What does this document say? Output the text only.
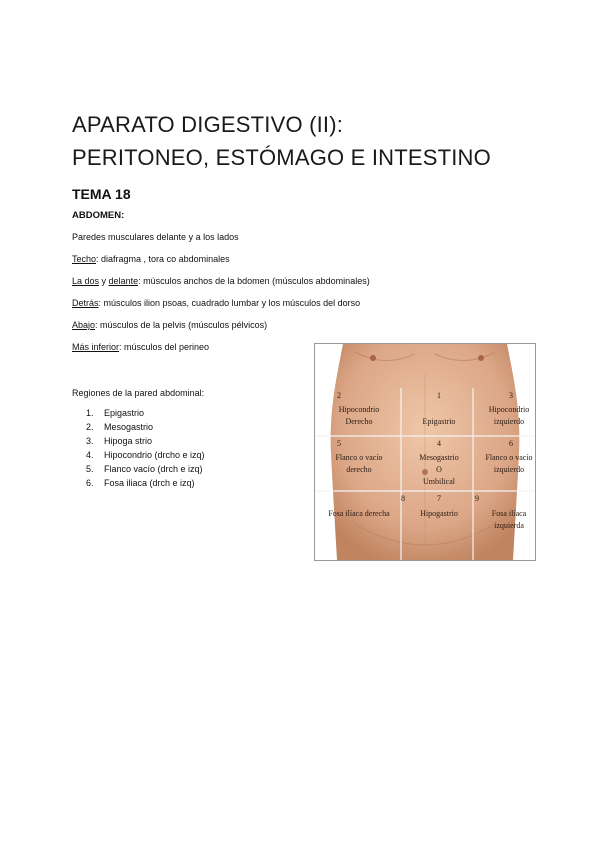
APARATO DIGESTIVO (II):
PERITONEO, ESTÓMAGO E INTESTINO
TEMA 18
ABDOMEN:
Paredes musculares delante y a los lados
Techo: diafragma , tora co abdominales
La dos y delante: músculos anchos de la bdomen (músculos abdominales)
Detrás: músculos ilion psoas, cuadrado lumbar y los músculos del dorso
Abajo: músculos de la pelvis (músculos pélvicos)
Más inferior: músculos del perineo
Regiones de la pared abdominal:
1.	Epigastrio
2.	Mesogastrio
3.	Hipoga strio
4.	Hipocondrio (drcho e izq)
5.	Flanco vacío (drch e izq)
6.	Fosa iliaca (drch e izq)
2
Hipocondrio
Derecho
1
Epigastrio
3
Hipocondrio
izquierdo
5
Flanco o vacío
derecho
4
Mesogastrio
O
Umbilical
6
Flanco o vacío
izquierdo
8
Fosa ilíaca derecha
7
Hipogastrio
9
Fosa ilíaca
izquierda
